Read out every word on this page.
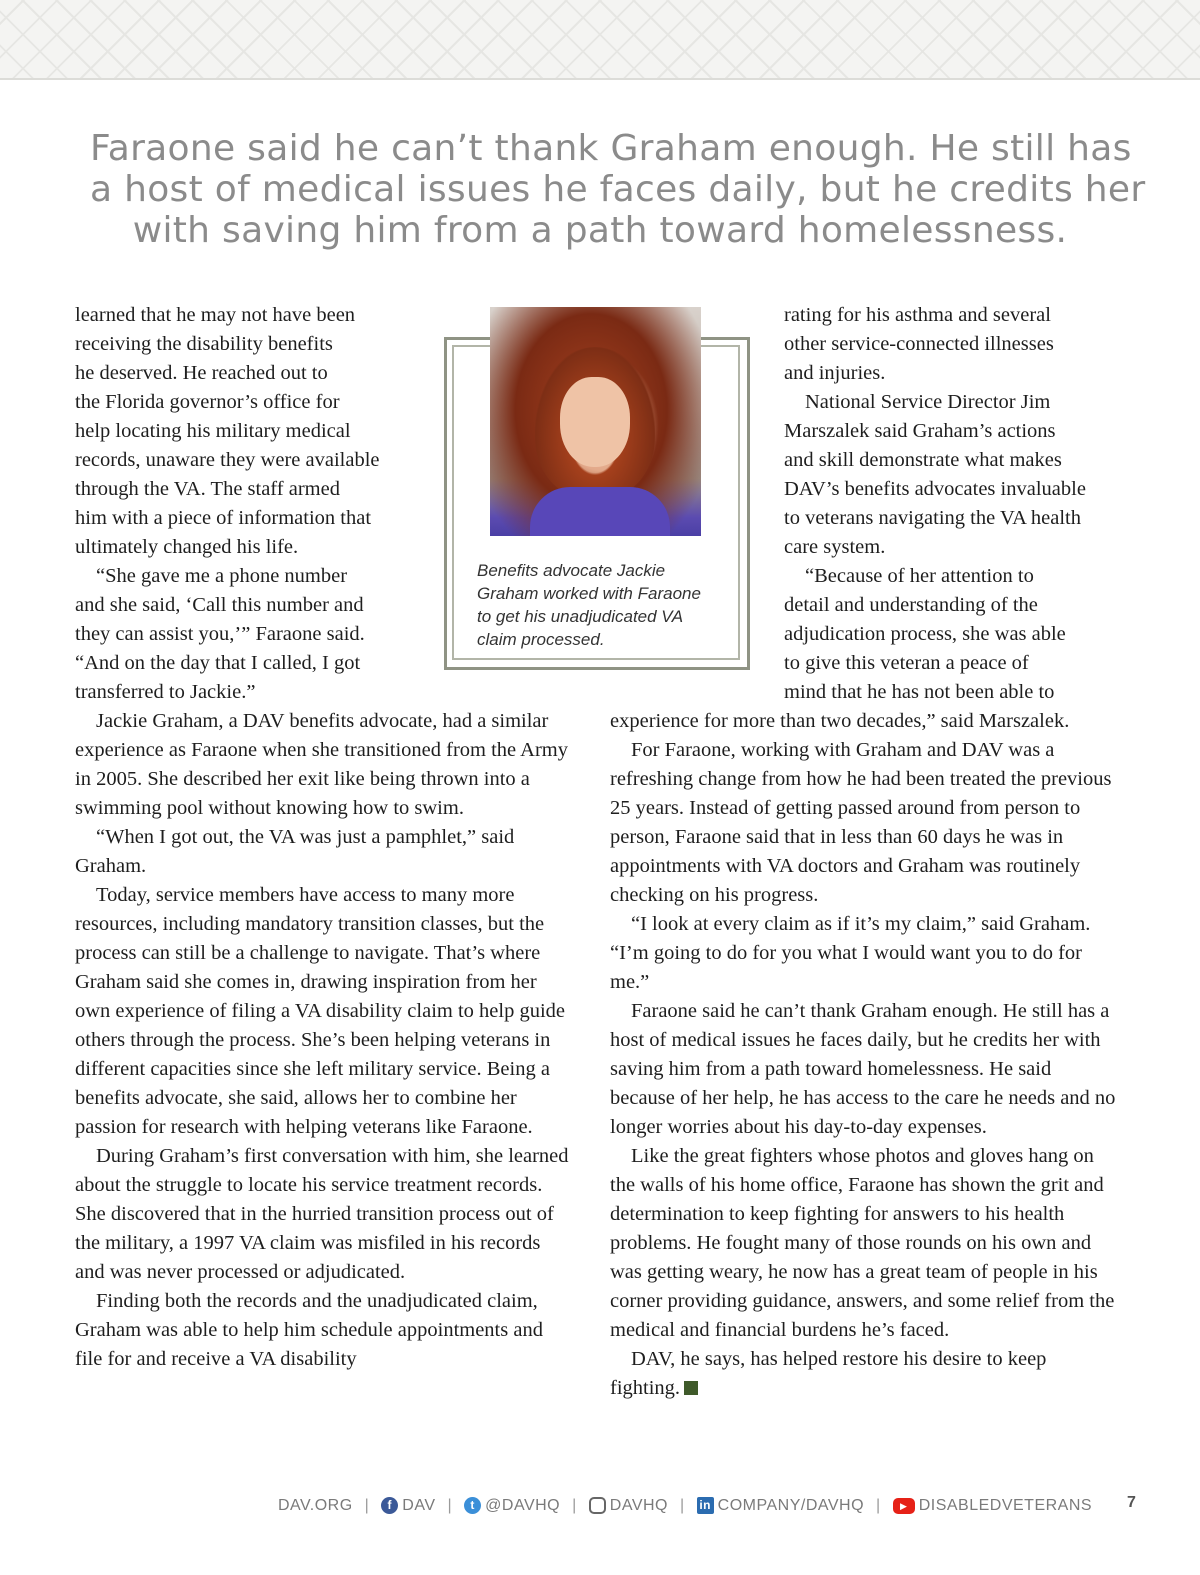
Faraone said he can’t thank Graham enough. He still has
a host of medical issues he faces daily, but he credits her
with saving him from a path toward homelessness.
Benefits advocate Jackie
Graham worked with Faraone
to get his unadjudicated VA
claim processed.

learned that he may not have been

receiving the disability benefits

he deserved. He reached out to

the Florida governor’s office for

help locating his military medical

records, unaware they were available

through the VA. The staff armed

him with a piece of information that

ultimately changed his life.

“She gave me a phone number

and she said, ‘Call this number and

they can assist you,’” Faraone said.

“And on the day that I called, I got

transferred to Jackie.”

Jackie Graham, a DAV benefits advocate, had a similar experience as Faraone when she transitioned from the Army in 2005. She described her exit like being thrown into a swimming pool without knowing how to swim.

“When I got out, the VA was just a pamphlet,” said Graham.

Today, service members have access to many more resources, including mandatory transition classes, but the process can still be a challenge to navigate. That’s where Graham said she comes in, drawing inspiration from her own experience of filing a VA disability claim to help guide others through the process. She’s been helping veterans in different capacities since she left military service. Being a benefits advocate, she said, allows her to combine her passion for research with helping veterans like Faraone.

During Graham’s first conversation with him, she learned about the struggle to locate his service treatment records. She discovered that in the hurried transition process out of the military, a 1997 VA claim was misfiled in his records and was never processed or adjudicated.

Finding both the records and the unadjudicated claim, Graham was able to help him schedule appointments and file for and receive a VA disability

rating for his asthma and several

other service-connected illnesses

and injuries.

National Service Director Jim

Marszalek said Graham’s actions

and skill demonstrate what makes

DAV’s benefits advocates invaluable

to veterans navigating the VA health

care system.

“Because of her attention to

detail and understanding of the

adjudication process, she was able

to give this veteran a peace of

mind that he has not been able to

experience for more than two decades,” said Marszalek.

For Faraone, working with Graham and DAV was a refreshing change from how he had been treated the previous 25 years. Instead of getting passed around from person to person, Faraone said that in less than 60 days he was in appointments with VA doctors and Graham was routinely checking on his progress.

“I look at every claim as if it’s my claim,” said Graham. “I’m going to do for you what I would want you to do for me.”

Faraone said he can’t thank Graham enough. He still has a host of medical issues he faces daily, but he credits her with saving him from a path toward homelessness. He said because of her help, he has access to the care he needs and no longer worries about his day-to-day expenses.

Like the great fighters whose photos and gloves hang on the walls of his home office, Faraone has shown the grit and determination to keep fighting for answers to his health problems. He fought many of those rounds on his own and was getting weary, he now has a great team of people in his corner providing guidance, answers, and some relief from the medical and financial burdens he’s faced.

DAV, he says, has helped restore his desire to keep fighting.

DAV.ORG |	f DAV |	t @DAVHQ |	DAVHQ | in COMPANY/DAVHQ |	▶ DISABLEDVETERANS 7
